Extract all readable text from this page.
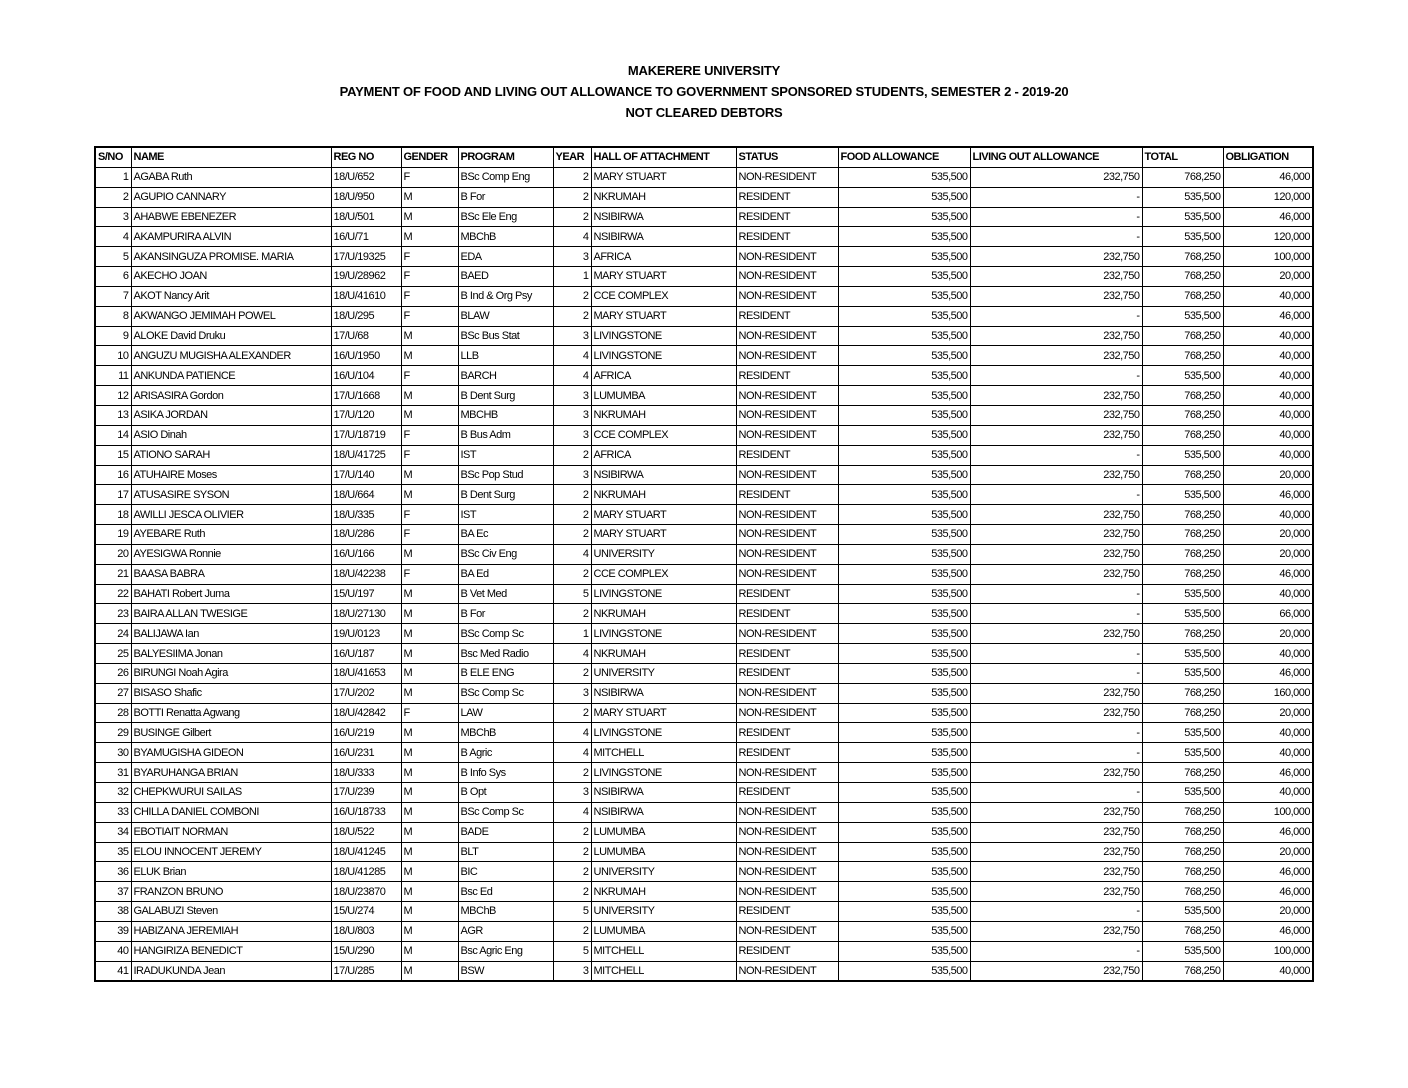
MAKERERE UNIVERSITY
PAYMENT OF FOOD AND LIVING OUT ALLOWANCE TO GOVERNMENT SPONSORED STUDENTS, SEMESTER 2 - 2019-20
NOT CLEARED DEBTORS
S/NO	NAME	REG NO	GENDER	PROGRAM	YEAR	HALL OF ATTACHMENT	STATUS	FOOD ALLOWANCE	LIVING OUT ALLOWANCE	TOTAL	OBLIGATION
1	AGABA Ruth	18/U/652	F	BSc Comp Eng	2	MARY STUART	NON-RESIDENT	535,500	232,750	768,250	46,000
2	AGUPIO CANNARY	18/U/950	M	B For	2	NKRUMAH	RESIDENT	535,500	-	535,500	120,000
3	AHABWE EBENEZER	18/U/501	M	BSc Ele Eng	2	NSIBIRWA	RESIDENT	535,500	-	535,500	46,000
4	AKAMPURIRA ALVIN	16/U/71	M	MBChB	4	NSIBIRWA	RESIDENT	535,500	-	535,500	120,000
5	AKANSINGUZA PROMISE. MARIA	17/U/19325	F	EDA	3	AFRICA	NON-RESIDENT	535,500	232,750	768,250	100,000
6	AKECHO JOAN	19/U/28962	F	BAED	1	MARY STUART	NON-RESIDENT	535,500	232,750	768,250	20,000
7	AKOT Nancy Arit	18/U/41610	F	B Ind & Org Psy	2	CCE COMPLEX	NON-RESIDENT	535,500	232,750	768,250	40,000
8	AKWANGO JEMIMAH POWEL	18/U/295	F	BLAW	2	MARY STUART	RESIDENT	535,500	-	535,500	46,000
9	ALOKE David Druku	17/U/68	M	BSc Bus Stat	3	LIVINGSTONE	NON-RESIDENT	535,500	232,750	768,250	40,000
10	ANGUZU MUGISHA ALEXANDER	16/U/1950	M	LLB	4	LIVINGSTONE	NON-RESIDENT	535,500	232,750	768,250	40,000
11	ANKUNDA PATIENCE	16/U/104	F	BARCH	4	AFRICA	RESIDENT	535,500	-	535,500	40,000
12	ARISASIRA Gordon	17/U/1668	M	B Dent Surg	3	LUMUMBA	NON-RESIDENT	535,500	232,750	768,250	40,000
13	ASIKA JORDAN	17/U/120	M	MBCHB	3	NKRUMAH	NON-RESIDENT	535,500	232,750	768,250	40,000
14	ASIO Dinah	17/U/18719	F	B Bus Adm	3	CCE COMPLEX	NON-RESIDENT	535,500	232,750	768,250	40,000
15	ATIONO SARAH	18/U/41725	F	IST	2	AFRICA	RESIDENT	535,500	-	535,500	40,000
16	ATUHAIRE Moses	17/U/140	M	BSc Pop Stud	3	NSIBIRWA	NON-RESIDENT	535,500	232,750	768,250	20,000
17	ATUSASIRE SYSON	18/U/664	M	B Dent Surg	2	NKRUMAH	RESIDENT	535,500	-	535,500	46,000
18	AWILLI JESCA OLIVIER	18/U/335	F	IST	2	MARY STUART	NON-RESIDENT	535,500	232,750	768,250	40,000
19	AYEBARE Ruth	18/U/286	F	BA Ec	2	MARY STUART	NON-RESIDENT	535,500	232,750	768,250	20,000
20	AYESIGWA Ronnie	16/U/166	M	BSc Civ Eng	4	UNIVERSITY	NON-RESIDENT	535,500	232,750	768,250	20,000
21	BAASA BABRA	18/U/42238	F	BA Ed	2	CCE COMPLEX	NON-RESIDENT	535,500	232,750	768,250	46,000
22	BAHATI Robert Juma	15/U/197	M	B Vet Med	5	LIVINGSTONE	RESIDENT	535,500	-	535,500	40,000
23	BAIRA ALLAN TWESIGE	18/U/27130	M	B For	2	NKRUMAH	RESIDENT	535,500	-	535,500	66,000
24	BALIJAWA Ian	19/U/0123	M	BSc Comp Sc	1	LIVINGSTONE	NON-RESIDENT	535,500	232,750	768,250	20,000
25	BALYESIIMA Jonan	16/U/187	M	Bsc Med Radio	4	NKRUMAH	RESIDENT	535,500	-	535,500	40,000
26	BIRUNGI Noah Agira	18/U/41653	M	B ELE ENG	2	UNIVERSITY	RESIDENT	535,500	-	535,500	46,000
27	BISASO Shafic	17/U/202	M	BSc Comp Sc	3	NSIBIRWA	NON-RESIDENT	535,500	232,750	768,250	160,000
28	BOTTI Renatta Agwang	18/U/42842	F	LAW	2	MARY STUART	NON-RESIDENT	535,500	232,750	768,250	20,000
29	BUSINGE Gilbert	16/U/219	M	MBChB	4	LIVINGSTONE	RESIDENT	535,500	-	535,500	40,000
30	BYAMUGISHA GIDEON	16/U/231	M	B Agric	4	MITCHELL	RESIDENT	535,500	-	535,500	40,000
31	BYARUHANGA BRIAN	18/U/333	M	B Info Sys	2	LIVINGSTONE	NON-RESIDENT	535,500	232,750	768,250	46,000
32	CHEPKWURUI SAILAS	17/U/239	M	B Opt	3	NSIBIRWA	RESIDENT	535,500	-	535,500	40,000
33	CHILLA DANIEL COMBONI	16/U/18733	M	BSc Comp Sc	4	NSIBIRWA	NON-RESIDENT	535,500	232,750	768,250	100,000
34	EBOTIAIT NORMAN	18/U/522	M	BADE	2	LUMUMBA	NON-RESIDENT	535,500	232,750	768,250	46,000
35	ELOU INNOCENT JEREMY	18/U/41245	M	BLT	2	LUMUMBA	NON-RESIDENT	535,500	232,750	768,250	20,000
36	ELUK Brian	18/U/41285	M	BIC	2	UNIVERSITY	NON-RESIDENT	535,500	232,750	768,250	46,000
37	FRANZON BRUNO	18/U/23870	M	Bsc Ed	2	NKRUMAH	NON-RESIDENT	535,500	232,750	768,250	46,000
38	GALABUZI Steven	15/U/274	M	MBChB	5	UNIVERSITY	RESIDENT	535,500	-	535,500	20,000
39	HABIZANA JEREMIAH	18/U/803	M	AGR	2	LUMUMBA	NON-RESIDENT	535,500	232,750	768,250	46,000
40	HANGIRIZA BENEDICT	15/U/290	M	Bsc Agric Eng	5	MITCHELL	RESIDENT	535,500	-	535,500	100,000
41	IRADUKUNDA Jean	17/U/285	M	BSW	3	MITCHELL	NON-RESIDENT	535,500	232,750	768,250	40,000
